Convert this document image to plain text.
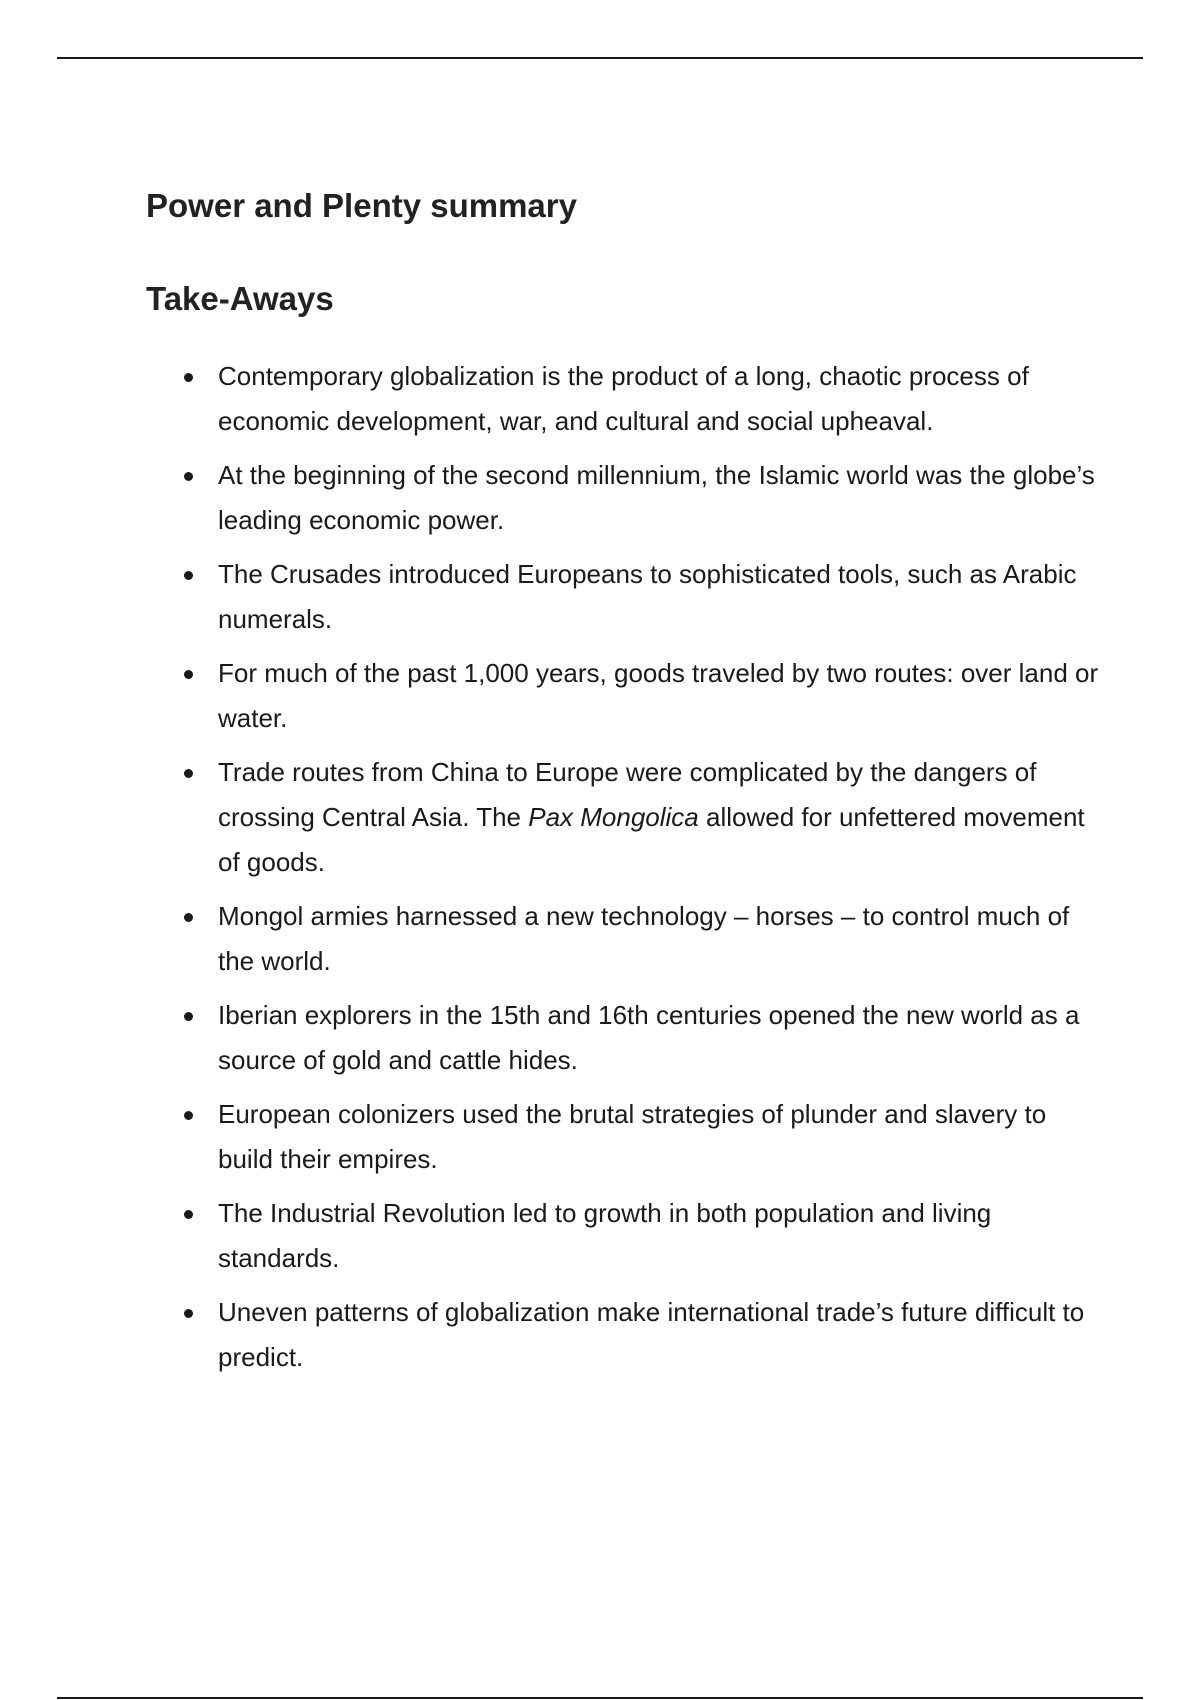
Power and Plenty summary
Take-Aways
Contemporary globalization is the product of a long, chaotic process of economic development, war, and cultural and social upheaval.
At the beginning of the second millennium, the Islamic world was the globe’s leading economic power.
The Crusades introduced Europeans to sophisticated tools, such as Arabic numerals.
For much of the past 1,000 years, goods traveled by two routes: over land or water.
Trade routes from China to Europe were complicated by the dangers of crossing Central Asia. The Pax Mongolica allowed for unfettered movement of goods.
Mongol armies harnessed a new technology – horses – to control much of the world.
Iberian explorers in the 15th and 16th centuries opened the new world as a source of gold and cattle hides.
European colonizers used the brutal strategies of plunder and slavery to build their empires.
The Industrial Revolution led to growth in both population and living standards.
Uneven patterns of globalization make international trade’s future difficult to predict.
